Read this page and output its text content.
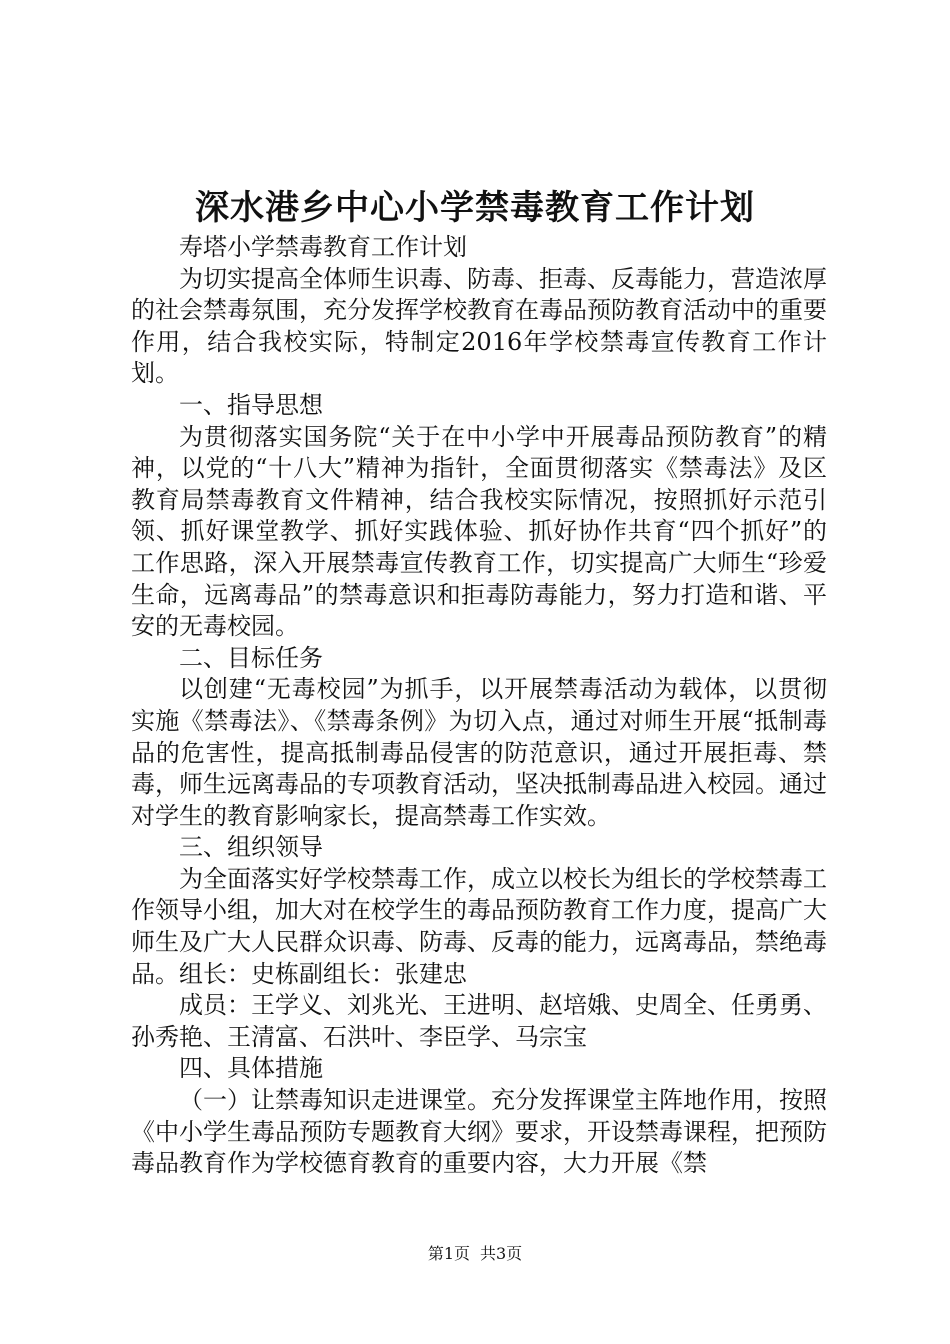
深水港乡中心小学禁毒教育工作计划

寿塔小学禁毒教育工作计划

为切实提高全体师生识毒、防毒、拒毒、反毒能力，营造浓厚的社会禁毒氛围，充分发挥学校教育在毒品预防教育活动中的重要作用，结合我校实际，特制定2016年学校禁毒宣传教育工作计划。

一、指导思想

为贯彻落实国务院“关于在中小学中开展毒品预防教育”的精神，以党的“十八大”精神为指针，全面贯彻落实《禁毒法》及区教育局禁毒教育文件精神，结合我校实际情况，按照抓好示范引领、抓好课堂教学、抓好实践体验、抓好协作共育“四个抓好”的工作思路，深入开展禁毒宣传教育工作，切实提高广大师生“珍爱生命，远离毒品”的禁毒意识和拒毒防毒能力，努力打造和谐、平安的无毒校园。

二、目标任务

以创建“无毒校园”为抓手，以开展禁毒活动为载体，以贯彻实施《禁毒法》、《禁毒条例》为切入点，通过对师生开展“抵制毒品的危害性，提高抵制毒品侵害的防范意识，通过开展拒毒、禁毒，师生远离毒品的专项教育活动，坚决抵制毒品进入校园。通过对学生的教育影响家长，提高禁毒工作实效。

三、组织领导

为全面落实好学校禁毒工作，成立以校长为组长的学校禁毒工作领导小组，加大对在校学生的毒品预防教育工作力度，提高广大师生及广大人民群众识毒、防毒、反毒的能力，远离毒品，禁绝毒品。组长：史栋副组长：张建忠

成员：王学义、刘兆光、王进明、赵培娥、史周全、任勇勇、孙秀艳、王清富、石洪叶、李臣学、马宗宝

四、具体措施

（一）让禁毒知识走进课堂。充分发挥课堂主阵地作用，按照《中小学生毒品预防专题教育大纲》要求，开设禁毒课程，把预防毒品教育作为学校德育教育的重要内容，大力开展《禁

第1页 共3页
